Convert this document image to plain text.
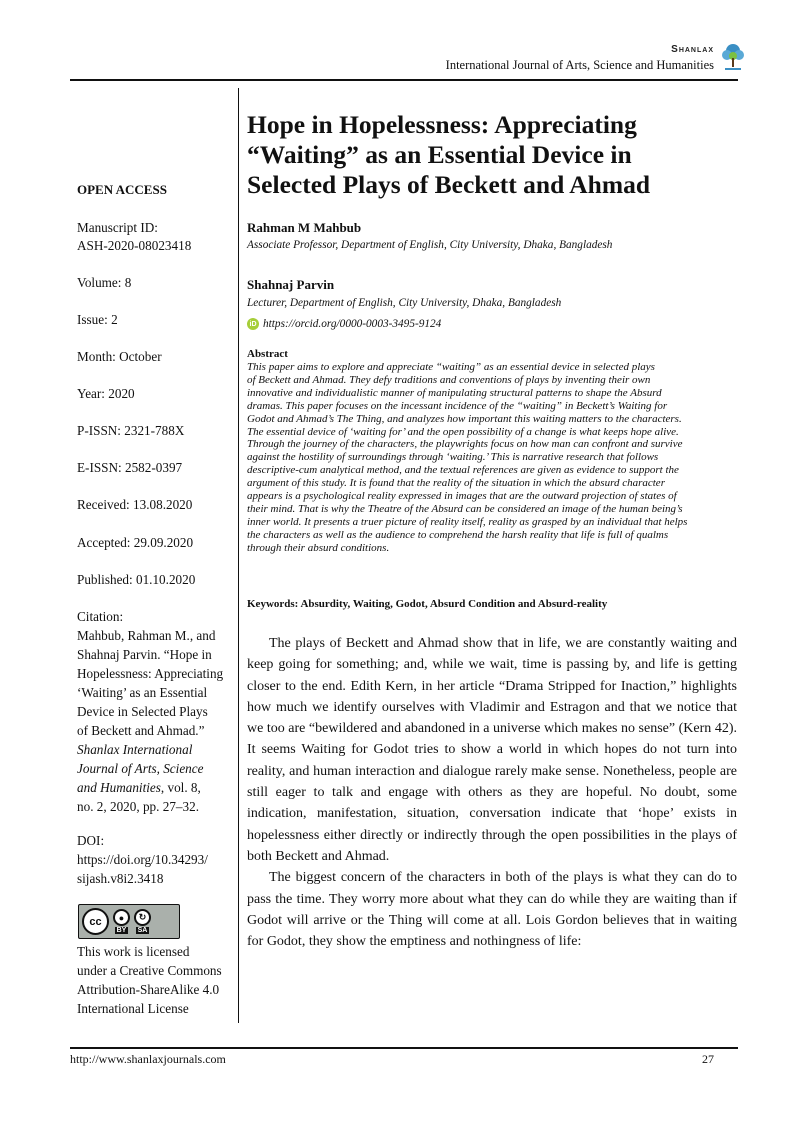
Shanlax
International Journal of Arts, Science and Humanities
OPEN ACCESS
Manuscript ID:
ASH-2020-08023418
Volume: 8
Issue: 2
Month: October
Year: 2020
P-ISSN: 2321-788X
E-ISSN: 2582-0397
Received: 13.08.2020
Accepted: 29.09.2020
Published: 01.10.2020
Citation:
Mahbub, Rahman M., and
Shahnaj Parvin. “Hope in
Hopelessness: Appreciating
‘Waiting’ as an Essential
Device in Selected Plays
of Beckett and Ahmad.”
Shanlax International
Journal of Arts, Science
and Humanities, vol. 8,
no. 2, 2020, pp. 27–32.
DOI:
https://doi.org/10.34293/
sijash.v8i2.3418
This work is licensed
under a Creative Commons
Attribution-ShareAlike 4.0
International License
cc	●
BY
↻
SA
Hope in Hopelessness: Appreciating
“Waiting” as an Essential Device in
Selected Plays of Beckett and Ahmad
Rahman M Mahbub
Associate Professor, Department of English, City University, Dhaka, Bangladesh
Shahnaj Parvin
Lecturer, Department of English, City University, Dhaka, Bangladesh
iD https://orcid.org/0000-0003-3495-9124
Abstract
This paper aims to explore and appreciate “waiting” as an essential device in selected plays
of Beckett and Ahmad. They defy traditions and conventions of plays by inventing their own
innovative and individualistic manner of manipulating structural patterns to shape the Absurd
dramas. This paper focuses on the incessant incidence of the “waiting” in Beckett’s Waiting for
Godot and Ahmad’s The Thing, and analyzes how important this waiting matters to the characters.
The essential device of ‘waiting for’ and the open possibility of a change is what keeps hope alive.
Through the journey of the characters, the playwrights focus on how man can confront and survive
against the hostility of surroundings through ‘waiting.’ This is narrative research that follows
descriptive-cum analytical method, and the textual references are given as evidence to support the
argument of this study. It is found that the reality of the situation in which the absurd character
appears is a psychological reality expressed in images that are the outward projection of states of
their mind. That is why the Theatre of the Absurd can be considered an image of the human being’s
inner world. It presents a truer picture of reality itself, reality as grasped by an individual that helps
the characters as well as the audience to comprehend the harsh reality that life is full of qualms
through their absurd conditions.
Keywords: Absurdity, Waiting, Godot, Absurd Condition and Absurd-reality

The plays of Beckett and Ahmad show that in life, we are constantly waiting and keep going for something; and, while we wait, time is passing by, and life is getting closer to the end. Edith Kern, in her article “Drama Stripped for Inaction,” highlights how much we identify ourselves with Vladimir and Estragon and that we notice that we too are “bewildered and abandoned in a universe which makes no sense” (Kern 42). It seems Waiting for Godot tries to show a world in which hopes do not turn into reality, and human interaction and dialogue rarely make sense. Nonetheless, people are still eager to talk and engage with others as they are hopeful. No doubt, some indication, manifestation, situation, conversation indicate that ‘hope’ exists in hopelessness either directly or indirectly through the open possibilities in the plays of both Beckett and Ahmad.

The biggest concern of the characters in both of the plays is what they can do to pass the time. They worry more about what they can do while they are waiting than if Godot will arrive or the Thing will come at all. Lois Gordon believes that in waiting for Godot, they show the emptiness and nothingness of life:

http://www.shanlaxjournals.com	27
